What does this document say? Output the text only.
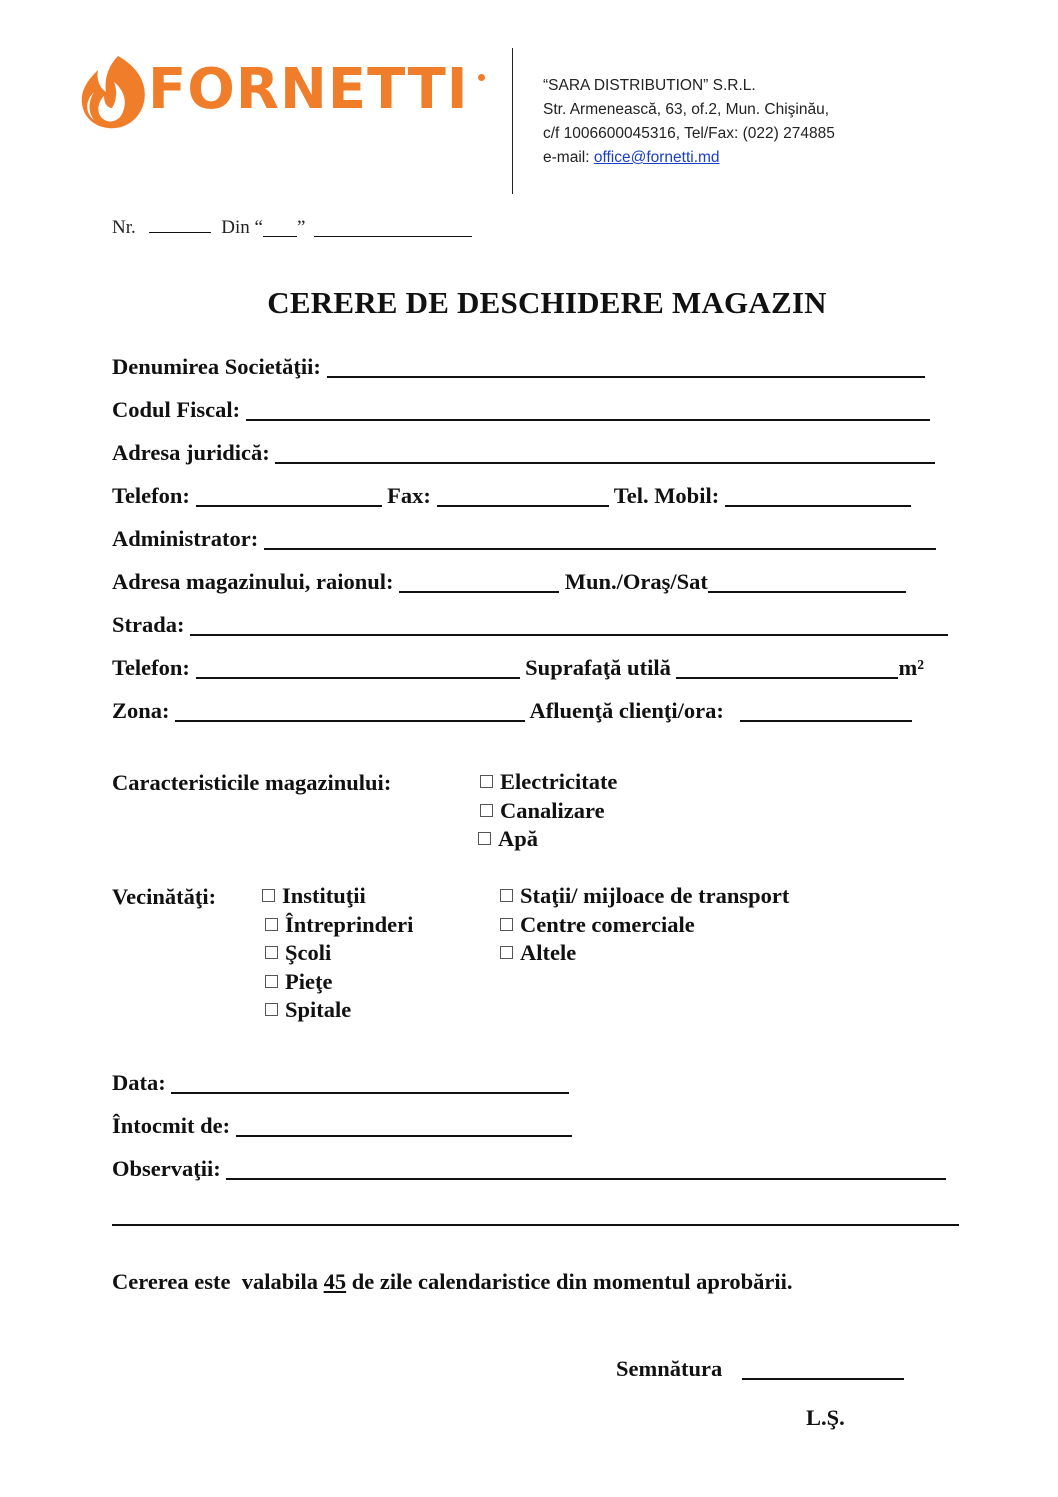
FORNETTI	“SARA DISTRIBUTION” S.R.L.
Str. Armenească, 63, of.2, Mun. Chişinău,
c/f 1006600045316, Tel/Fax: (022) 274885
e-mail: office@fornetti.md
Nr.	Din “ ”
CERERE DE DESCHIDERE MAGAZIN
Denumirea Societăţii:
Codul Fiscal:
Adresa juridică:
Telefon:	Fax:	Tel. Mobil:
Administrator:
Adresa magazinului, raionul:	Mun./Oraş/Sat
Strada:
Telefon:	Suprafaţă utilă	m²
Zona:	Afluenţă clienţi/ora:
Caracteristicile magazinului:	Electricitate
Canalizare
Apă
Vecinătăţi:	Instituţii
Întreprinderi
Şcoli
Pieţe
Spitale
Staţii/ mijloace de transport
Centre comerciale
Altele
Data:
Întocmit de:
Observaţii:
Cererea este  valabila 45 de zile calendaristice din momentul aprobării.
Semnătura
L.Ş.
